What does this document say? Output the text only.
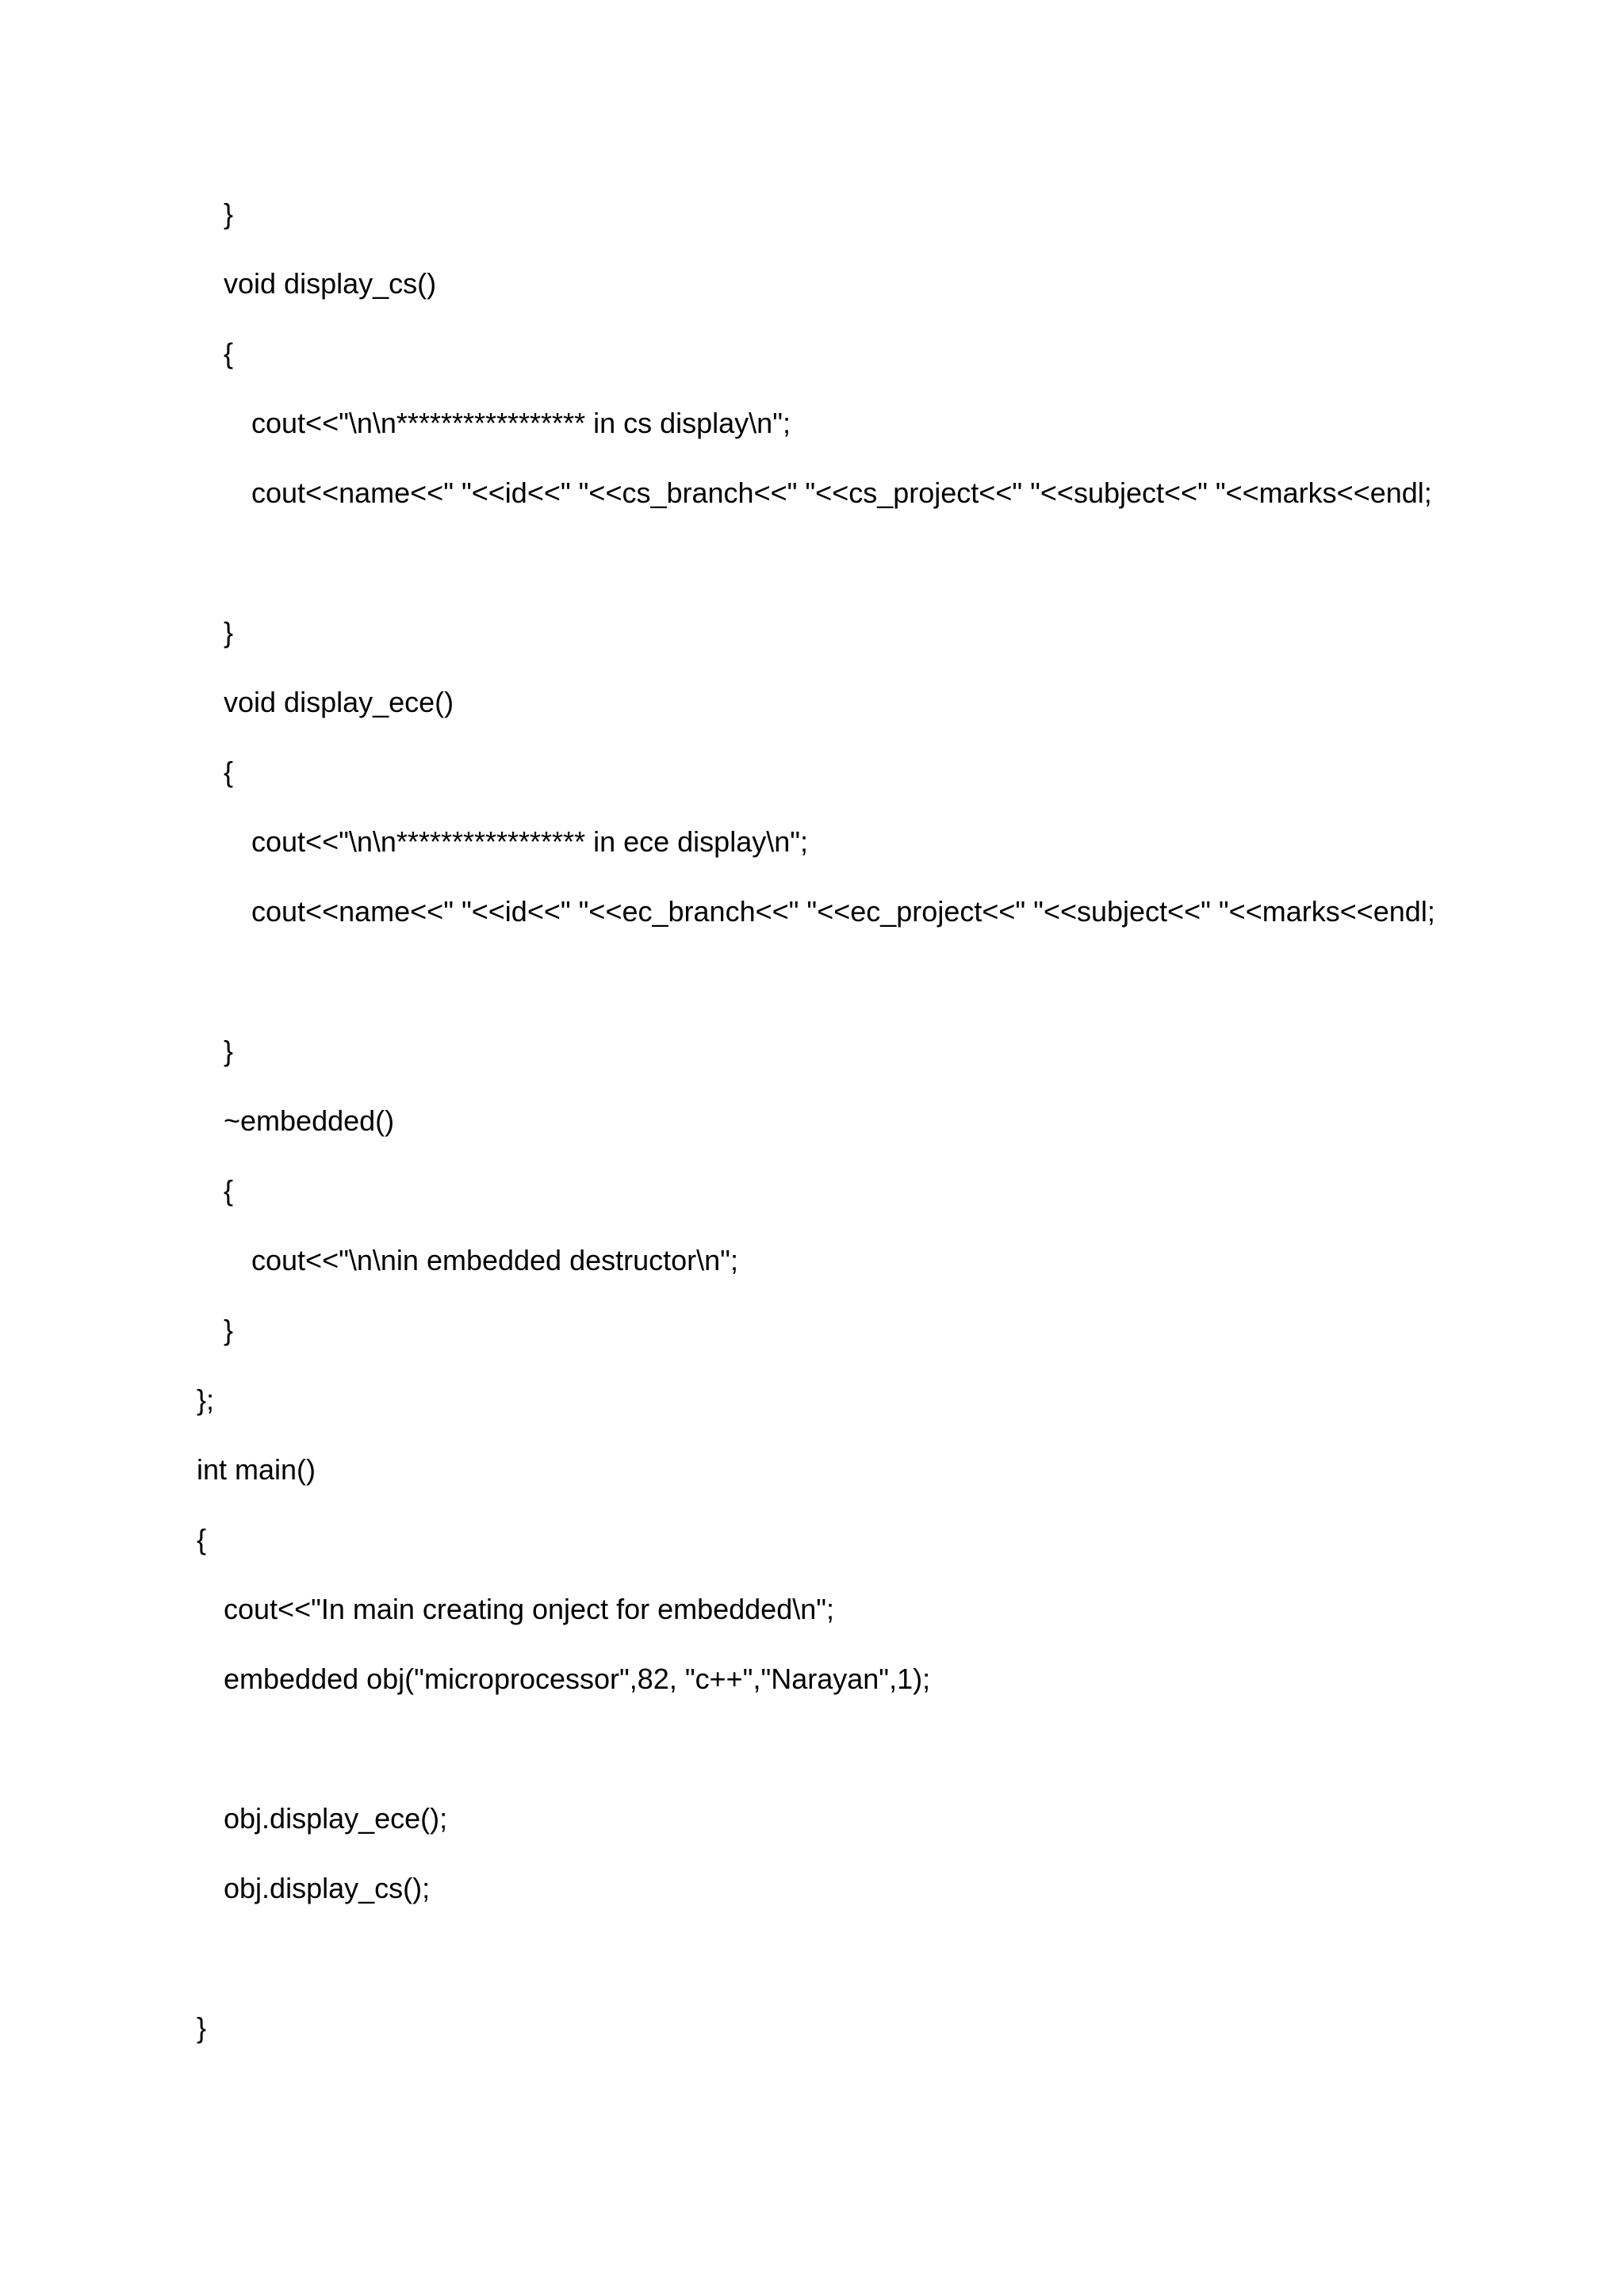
}
void display_cs()
{
cout<<"\n\n***************** in cs display\n";
cout<<name<<" "<<id<<" "<<cs_branch<<" "<<cs_project<<" "<<subject<<" "<<marks<<endl;
}
void display_ece()
{
cout<<"\n\n***************** in ece display\n";
cout<<name<<" "<<id<<" "<<ec_branch<<" "<<ec_project<<" "<<subject<<" "<<marks<<endl;
}
~embedded()
{
cout<<"\n\nin embedded destructor\n";
}
};
int main()
{
cout<<"In main creating onject for embedded\n";
embedded obj("microprocessor",82, "c++","Narayan",1);
obj.display_ece();
obj.display_cs();
}
